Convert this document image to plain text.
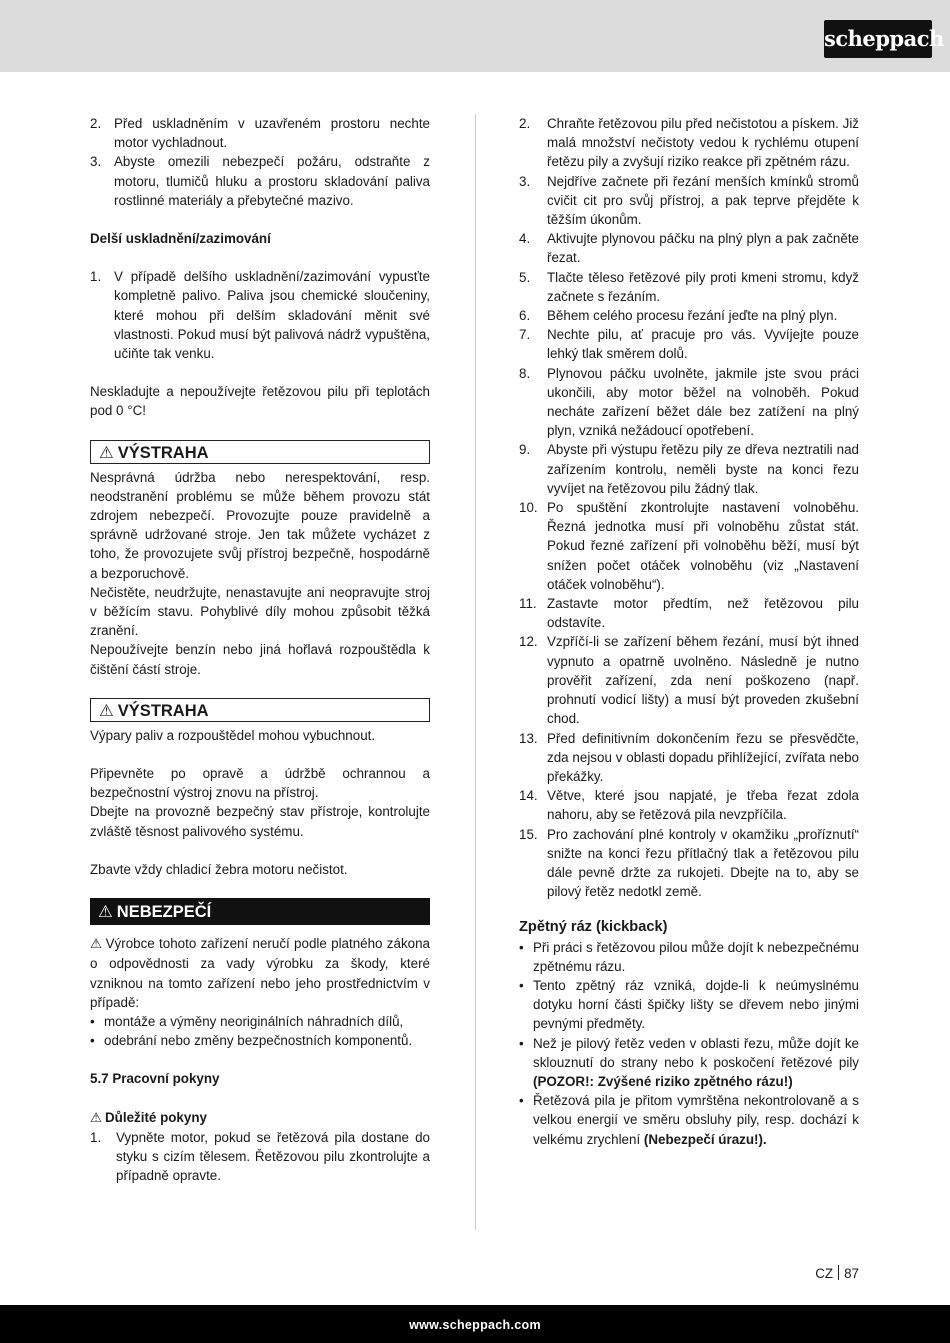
scheppach
2. Před uskladněním v uzavřeném prostoru nechte motor vychladnout.
3. Abyste omezili nebezpečí požáru, odstraňte z motoru, tlumičů hluku a prostoru skladování paliva rostlinné materiály a přebytečné mazivo.

Delší uskladnění/zazimování

1. V případě delšího uskladnění/zazimování vypusťte kompletně palivo. Paliva jsou chemické sloučeniny, které mohou při delším skladování měnit své vlastnosti. Pokud musí být palivová nádrž vypuštěna, učiňte tak venku.

Neskladujte a nepoužívejte řetězovou pilu při teplotách pod 0 °C!

⚠ VÝSTRAHA

Nesprávná údržba nebo nerespektování, resp. neodstranění problému se může během provozu stát zdrojem nebezpečí. Provozujte pouze pravidelně a správně udržované stroje. Jen tak můžete vycházet z toho, že provozujete svůj přístroj bezpečně, hospodárně a bezporuchově.

Nečistěte, neudržujte, nenastavujte ani neopravujte stroj v běžícím stavu. Pohyblivé díly mohou způsobit těžká zranění.

Nepoužívejte benzín nebo jiná hořlavá rozpouštědla k čištění částí stroje.

⚠ VÝSTRAHA

Výpary paliv a rozpouštědel mohou vybuchnout.

Připevněte po opravě a údržbě ochrannou a bezpečnostní výstroj znovu na přístroj.

Dbejte na provozně bezpečný stav přístroje, kontrolujte zvláště těsnost palivového systému.

Zbavte vždy chladicí žebra motoru nečistot.

⚠ NEBEZPEČÍ

⚠ Výrobce tohoto zařízení neručí podle platného zákona o odpovědnosti za vady výrobku za škody, které vzniknou na tomto zařízení nebo jeho prostřednictvím v případě:

• montáže a výměny neoriginálních náhradních dílů,
• odebrání nebo změny bezpečnostních komponentů.

5.7 Pracovní pokyny

⚠ Důležité pokyny

1.	Vypněte motor, pokud se řetězová pila dostane do styku s cizím tělesem. Řetězovou pilu zkontrolujte a případně opravte.
2.	Chraňte řetězovou pilu před nečistotou a pískem. Již malá množství nečistoty vedou k rychlému otupení řetězu pily a zvyšují riziko reakce při zpětném rázu.
3.	Nejdříve začnete při řezání menších kmínků stromů cvičit cit pro svůj přístroj, a pak teprve přejděte k těžším úkonům.
4.	Aktivujte plynovou páčku na plný plyn a pak začněte řezat.
5.	Tlačte těleso řetězové pily proti kmeni stromu, když začnete s řezáním.
6.	Během celého procesu řezání jeďte na plný plyn.
7.	Nechte pilu, ať pracuje pro vás. Vyvíjejte pouze lehký tlak směrem dolů.
8.	Plynovou páčku uvolněte, jakmile jste svou práci ukončili, aby motor běžel na volnoběh. Pokud necháte zařízení běžet dále bez zatížení na plný plyn, vzniká nežádoucí opotřebení.
9.	Abyste při výstupu řetězu pily ze dřeva neztratili nad zařízením kontrolu, neměli byste na konci řezu vyvíjet na řetězovou pilu žádný tlak.
10. Po spuštění zkontrolujte nastavení volnoběhu. Řezná jednotka musí při volnoběhu zůstat stát. Pokud řezné zařízení při volnoběhu běží, musí být snížen počet otáček volnoběhu (viz „Nastavení otáček volnoběhu“).
11. Zastavte motor předtím, než řetězovou pilu odstavíte.
12. Vzpříčí-li se zařízení během řezání, musí být ihned vypnuto a opatrně uvolněno. Následně je nutno prověřit zařízení, zda není poškozeno (např. prohnutí vodicí lišty) a musí být proveden zkušební chod.
13. Před definitivním dokončením řezu se přesvědčte, zda nejsou v oblasti dopadu přihlížející, zvířata nebo překážky.
14. Větve, které jsou napjaté, je třeba řezat zdola nahoru, aby se řetězová pila nevzpříčila.
15. Pro zachování plné kontroly v okamžiku „proříznutí“ snižte na konci řezu přítlačný tlak a řetězovou pilu dále pevně držte za rukojeti. Dbejte na to, aby se pilový řetěz nedotkl země.

Zpětný ráz (kickback)

• Při práci s řetězovou pilou může dojít k nebezpečnému zpětnému rázu.
• Tento zpětný ráz vzniká, dojde-li k neúmyslnému dotyku horní části špičky lišty se dřevem nebo jinými pevnými předměty.
• Než je pilový řetěz veden v oblasti řezu, může dojít ke sklouznutí do strany nebo k poskočení řetězové pily (POZOR!: Zvýšené riziko zpětného rázu!)
• Řetězová pila je přitom vymrštěna nekontrolovaně a s velkou energií ve směru obsluhy pily, resp. dochází k velkému zrychlení (Nebezpečí úrazu!).
CZ 87
www.scheppach.com
